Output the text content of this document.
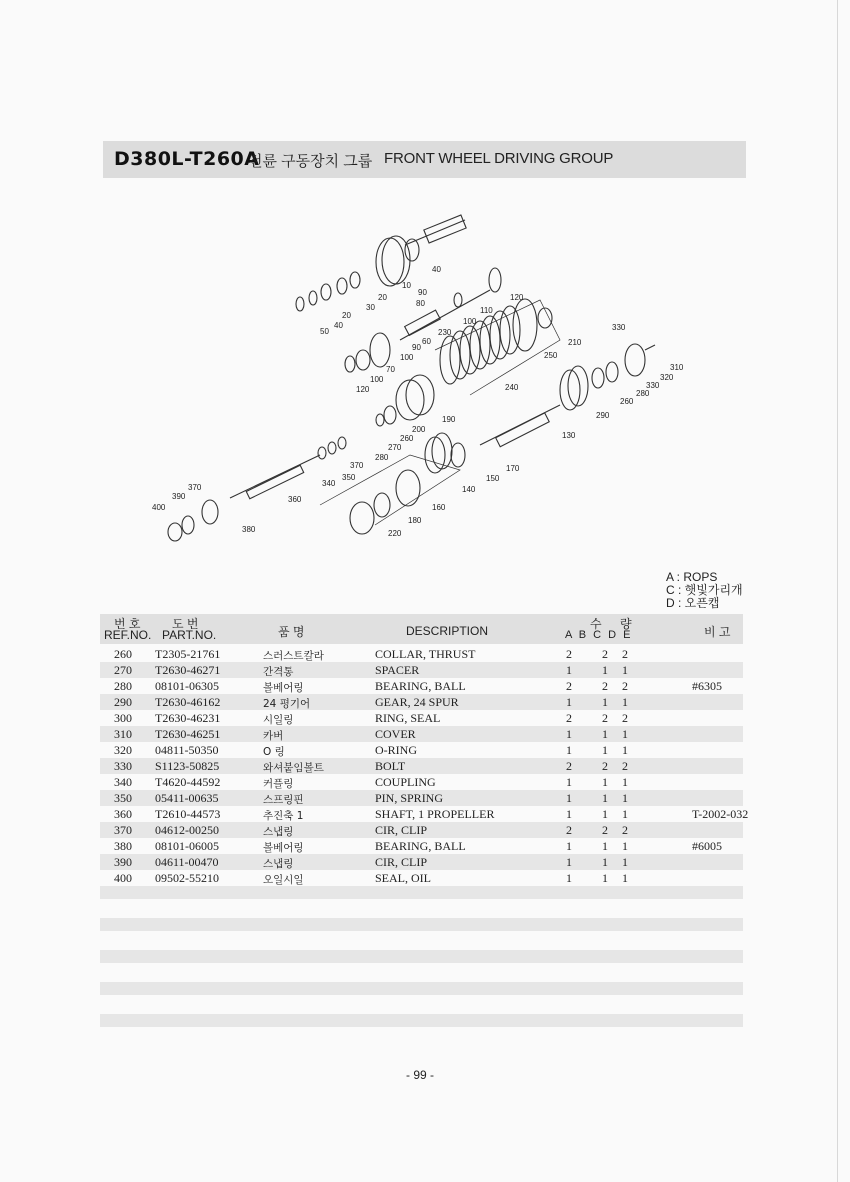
D380L-T260A
전륜 구동장치 그룹 FRONT WHEEL DRIVING GROUP
40
10
90
80
20
30
20
40
50
120
110
100
230
60
90
100
70
100
120
330
210
250
240
310
320
330
280
260
290
190
200
260
270
280
370
350
340
130
170
150
140
160
180
220
360
370
390
400
380
A : ROPS
C : 햇빛가리개
D : 오픈캡
번 호
REF.NO.
도 번
PART.NO.	품 명	DESCRIPTION	수 량
A B C D E	비 고
260 T2305-21761	스러스트칼라	COLLAR, THRUST	2	2 2
270 T2630-46271	간격통	SPACER	1	1 1
280 08101-06305	볼베어링	BEARING, BALL	2	2 2	#6305
290 T2630-46162	24 평기어	GEAR, 24 SPUR	1	1 1
300 T2630-46231	시일링	RING, SEAL	2	2 2
310 T2630-46251	카버	COVER	1	1 1
320 04811-50350	O 링	O-RING	1	1 1
330 S1123-50825	와셔붙임볼트	BOLT	2	2 2
340 T4620-44592	커플링	COUPLING	1	1 1
350 05411-00635	스프링핀	PIN, SPRING	1	1 1
360 T2610-44573	추진축 1	SHAFT, 1 PROPELLER	1	1 1	T-2002-032
370 04612-00250	스냅링	CIR, CLIP	2	2 2
380 08101-06005	볼베어링	BEARING, BALL	1	1 1	#6005
390 04611-00470	스냅링	CIR, CLIP	1	1 1
400 09502-55210	오일시일	SEAL, OIL	1	1 1
- 99 -
